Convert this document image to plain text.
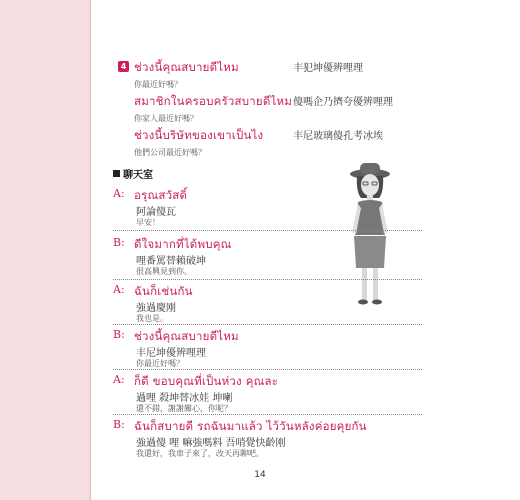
4 ช่วงนี้คุณสบายดีไหม
你最近好嗎？
丰犯坤優辨哩理
สมาชิกในครอบครัวสบายดีไหม
你家人最近好嗎？
傻嗎企乃擠夸優辨哩理
ช่วงนี้บริษัทของเขาเป็นไง
他們公司最近好嗎？
丰尼玻璃傻孔考冰埃
聊天室
A: อรุณสวัสดิ์
阿論傻瓦
早安！
B: ดีใจมากที่ได้พบคุณ
哩番罵替賴破坤
很高興見到你。
A: ฉันก็เช่นกัน
強過慶刚
我也是。
B: ช่วงนี้คุณสบายดีไหม
丰尼坤優辨哩理
你最近好嗎？
A: ก็ดี ขอบคุณที่เป็นห่วง คุณละ
過哩 殺坤替冰娃 坤喇
還不錯，謝謝關心，你呢？
B: ฉันก็สบายดี รถฉันมาแล้ว ไว้วันหลังค่อยคุยกัน
強過傻 哩 嘛強嗎料 吾哨覺快齡刚
我還好，我車子來了，改天再聊吧。
14
